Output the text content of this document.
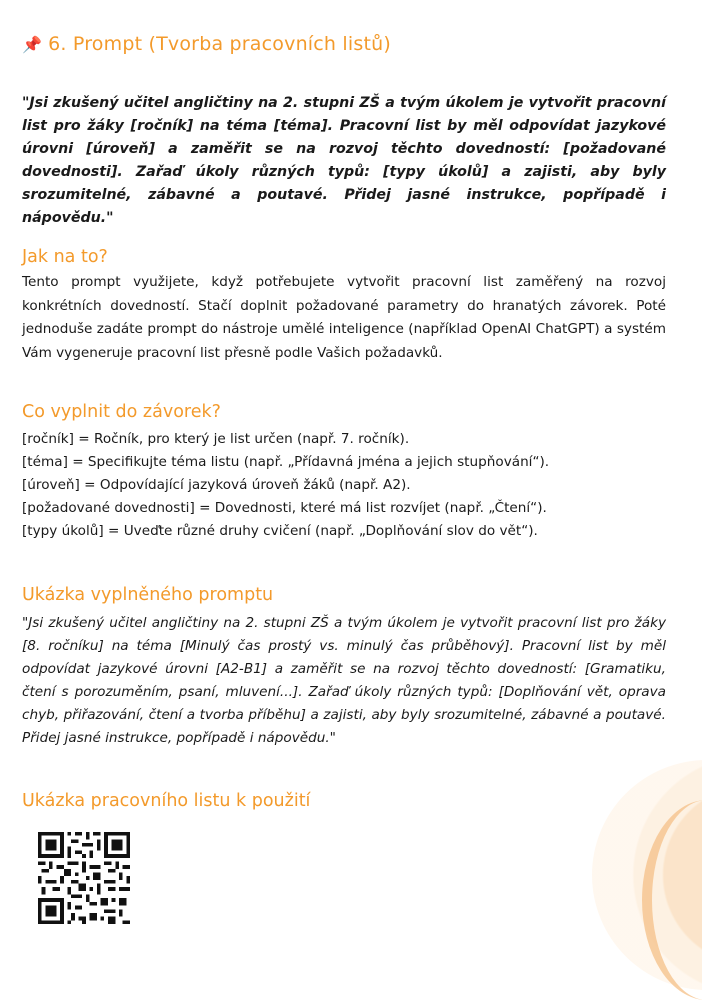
📌 6. Prompt (Tvorba pracovních listů)
"Jsi zkušený učitel angličtiny na 2. stupni ZŠ a tvým úkolem je vytvořit pracovní list pro žáky [ročník] na téma [téma]. Pracovní list by měl odpovídat jazykové úrovni [úroveň] a zaměřit se na rozvoj těchto dovedností: [požadované dovednosti]. Zařaď úkoly různých typů: [typy úkolů] a zajisti, aby byly srozumitelné, zábavné a poutavé. Přidej jasné instrukce, popřípadě i nápovědu."
Jak na to?
Tento prompt využijete, když potřebujete vytvořit pracovní list zaměřený na rozvoj konkrétních dovedností. Stačí doplnit požadované parametry do hranatých závorek. Poté jednoduše zadáte prompt do nástroje umělé inteligence (například OpenAI ChatGPT) a systém Vám vygeneruje pracovní list přesně podle Vašich požadavků.
Co vyplnit do závorek?
[ročník] = Ročník, pro který je list určen (např. 7. ročník).
[téma] = Specifikujte téma listu (např. „Přídavná jména a jejich stupňování“).
[úroveň] = Odpovídající jazyková úroveň žáků (např. A2).
[požadované dovednosti] = Dovednosti, které má list rozvíjet (např. „Čtení“).
[typy úkolů] = Uveďte různé druhy cvičení (např. „Doplňování slov do vět“).
Ukázka vyplněného promptu
"Jsi zkušený učitel angličtiny na 2. stupni ZŠ a tvým úkolem je vytvořit pracovní list pro žáky [8. ročníku] na téma [Minulý čas prostý vs. minulý čas průběhový]. Pracovní list by měl odpovídat jazykové úrovni [A2-B1] a zaměřit se na rozvoj těchto dovedností: [Gramatiku, čtení s porozuměním, psaní, mluvení...]. Zařaď úkoly různých typů: [Doplňování vět, oprava chyb, přiřazování, čtení a tvorba příběhu] a zajisti, aby byly srozumitelné, zábavné a poutavé. Přidej jasné instrukce, popřípadě i nápovědu."
Ukázka pracovního listu k použití
